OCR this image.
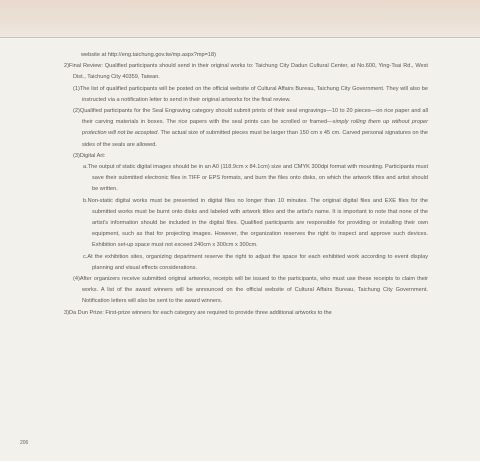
website at http://eng.taichung.gov.tw/mp.aspx?mp=18)
2)Final Review: Qualified participants should send in their original works to: Taichung City Dadun Cultural Center, at No.600, Ying-Tsai Rd., West Dist., Taichung City 40359, Taiwan.
(1)The list of qualified participants will be posted on the official website of Cultural Affairs Bureau, Taichung City Government. They will also be instructed via a notification letter to send in their original artworks for the final review.
(2)Qualified participants for the Seal Engraving category should submit prints of their seal engravings—10 to 20 pieces—on rice paper and all their carving materials in boxes. The rice papers with the seal prints can be scrolled or framed—simply rolling them up without proper protection will not be accepted. The actual size of submitted pieces must be larger than 150 cm x 45 cm. Carved personal signatures on the sides of the seals are allowed.
(3)Digital Art:
a.The output of static digital images should be in an A0 (118.9cm x 84.1cm) size and CMYK 300dpi format with mounting. Participants must save their submitted electronic files in TIFF or EPS formats, and burn the files onto disks, on which the artwork titles and artist should be written.
b.Non-static digital works must be presented in digital files no longer than 10 minutes. The original digital files and EXE files for the submitted works must be burnt onto disks and labeled with artwork titles and the artist's name. It is important to note that none of the artist's information should be included in the digital files. Qualified participants are responsible for providing or installing their own equipment, such as that for projecting images. However, the organization reserves the right to inspect and approve such devices. Exhibition set-up space must not exceed 240cm x 300cm x 300cm.
c.At the exhibition sites, organizing department reserve the right to adjust the space for each exhibited work according to event display planning and visual effects considerations.
(4)After organizers receive submitted original artworks, receipts will be issued to the participants, who must use these receipts to claim their works. A list of the award winners will be announced on the official website of Cultural Affairs Bureau, Taichung City Government. Notification letters will also be sent to the award winners.
3)Da Dun Prize: First-prize winners for each category are required to provide three additional artworks to the
206
